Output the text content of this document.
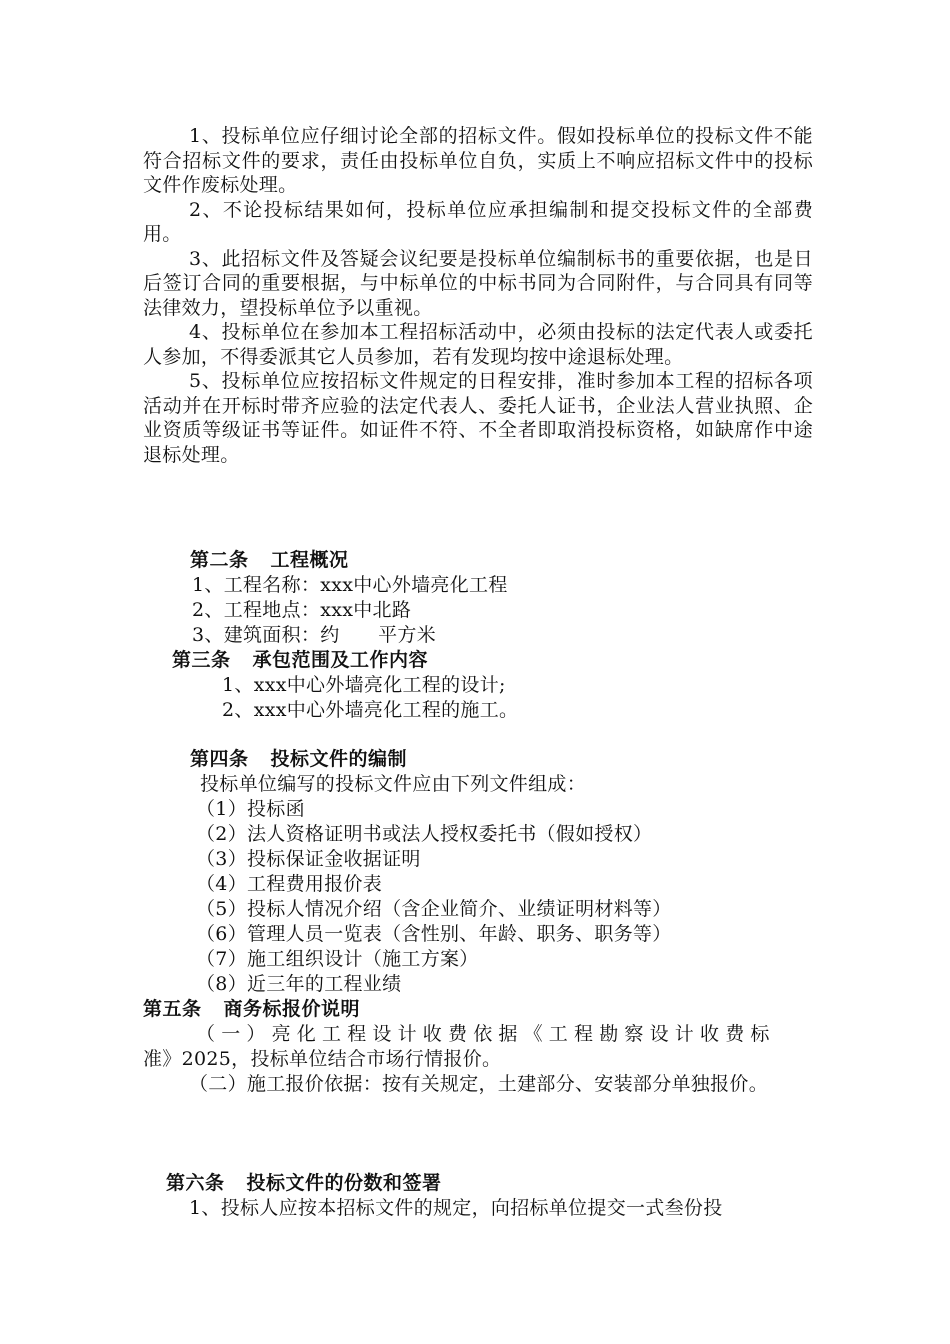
1、投标单位应仔细讨论全部的招标文件。假如投标单位的投标文件不能符合招标文件的要求，责任由投标单位自负，实质上不响应招标文件中的投标文件作废标处理。

2、不论投标结果如何，投标单位应承担编制和提交投标文件的全部费用。

3、此招标文件及答疑会议纪要是投标单位编制标书的重要依据，也是日后签订合同的重要根据，与中标单位的中标书同为合同附件，与合同具有同等法律效力，望投标单位予以重视。

4、投标单位在参加本工程招标活动中，必须由投标的法定代表人或委托人参加，不得委派其它人员参加，若有发现均按中途退标处理。

5、投标单位应按招标文件规定的日程安排，准时参加本工程的招标各项活动并在开标时带齐应验的法定代表人、委托人证书，企业法人营业执照、企业资质等级证书等证件。如证件不符、不全者即取消投标资格，如缺席作中途退标处理。

第二条 工程概况
1、工程名称：xxx中心外墙亮化工程
2、工程地点：xxx中北路
3、建筑面积：约　　平方米
第三条 承包范围及工作内容
1、xxx中心外墙亮化工程的设计;
2、xxx中心外墙亮化工程的施工。
第四条 投标文件的编制
投标单位编写的投标文件应由下列文件组成：
（1）投标函
（2）法人资格证明书或法人授权委托书（假如授权）
（3）投标保证金收据证明
（4）工程费用报价表
（5）投标人情况介绍（含企业简介、业绩证明材料等）
（6）管理人员一览表（含性别、年龄、职务、职务等）
（7）施工组织设计（施工方案）
（8）近三年的工程业绩
第五条 商务标报价说明
（一）亮化工程设计收费依据《工程勘察设计收费标
准》2025，投标单位结合市场行情报价。

（二）施工报价依据：按有关规定，土建部分、安装部分单独报价。

第六条 投标文件的份数和签署
1、投标人应按本招标文件的规定，向招标单位提交一式叁份投
